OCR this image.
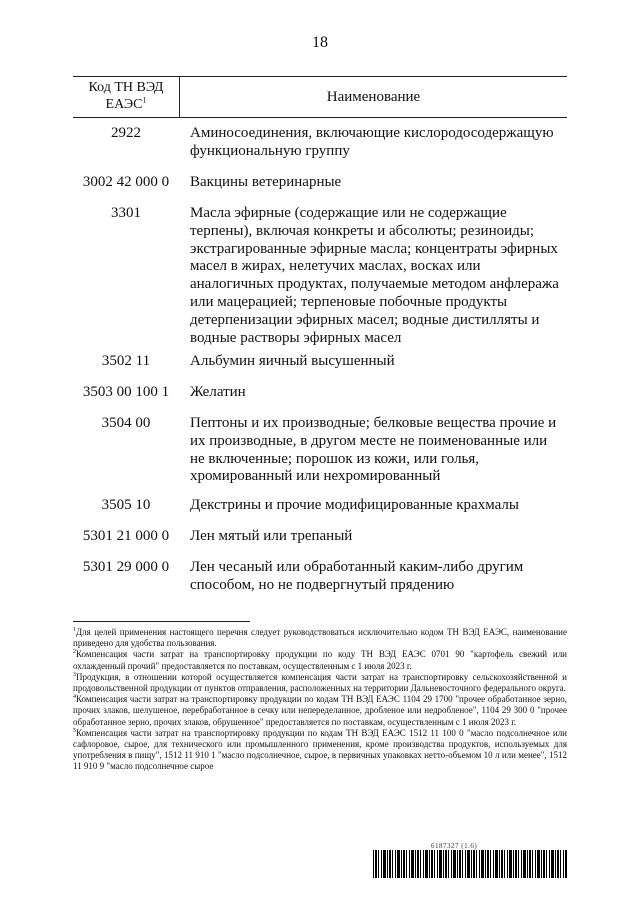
18
Код ТН ВЭД ЕАЭС$^1$	Наименование
2922	Аминосоединения, включающие кислородосодержащую функциональную группу
3002 42 000 0	Вакцины ветеринарные
3301	Масла эфирные (содержащие или не содержащие терпены), включая конкреты и абсолюты; резиноиды; экстрагированные эфирные масла; концентраты эфирных масел в жирах, нелетучих маслах, восках или аналогичных продуктах, получаемые методом анфлеража или мацерацией; терпеновые побочные продукты детерпенизации эфирных масел; водные дистилляты и водные растворы эфирных масел
3502 11	Альбумин яичный высушенный
3503 00 100 1	Желатин
3504 00	Пептоны и их производные; белковые вещества прочие и их производные, в другом месте не поименованные или не включенные; порошок из кожи, или голья, хромированный или нехромированный
3505 10	Декстрины и прочие модифицированные крахмалы
5301 21 000 0	Лен мятый или трепаный
5301 29 000 0	Лен чесаный или обработанный каким-либо другим способом, но не подвергнутый прядению

$^1$Для целей применения настоящего перечня следует руководствоваться исключительно кодом ТН ВЭД ЕАЭС, наименование приведено для удобства пользования.

$^2$Компенсация части затрат на транспортировку продукции по коду ТН ВЭД ЕАЭС 0701 90 "картофель свежий или охлажденный прочий" предоставляется по поставкам, осуществленным с 1 июля 2023 г.

$^3$Продукция, в отношении которой осуществляется компенсация части затрат на транспортировку сельскохозяйственной и продовольственной продукции от пунктов отправления, расположенных на территории Дальневосточного федерального округа.

$^4$Компенсация части затрат на транспортировку продукции по кодам ТН ВЭД ЕАЭС 1104 29 1700 "прочее обработанное зерно, прочих злаков, шелушеное, перебработанное в сечку или непеределанное, дробленое или недробленое", 1104 29 300 0 "прочее обработанное зерно, прочих злаков, обрушенное" предоставляется по поставкам, осуществленным с 1 июля 2023 г.

$^5$Компенсация части затрат на транспортировку продукции по кодам ТН ВЭД ЕАЭС 1512 11 100 0 "масло подсолнечное или сафлоровое, сырое, для технического или промышленного применения, кроме производства продуктов, используемых для употребления в пищу", 1512 11 910 1 "масло подсолнечное, сырое, в первичных упаковках нетто-объемом 10 л или менее", 1512 11 910 9 "масло подсолнечное сырое

6187327 (1.6)
